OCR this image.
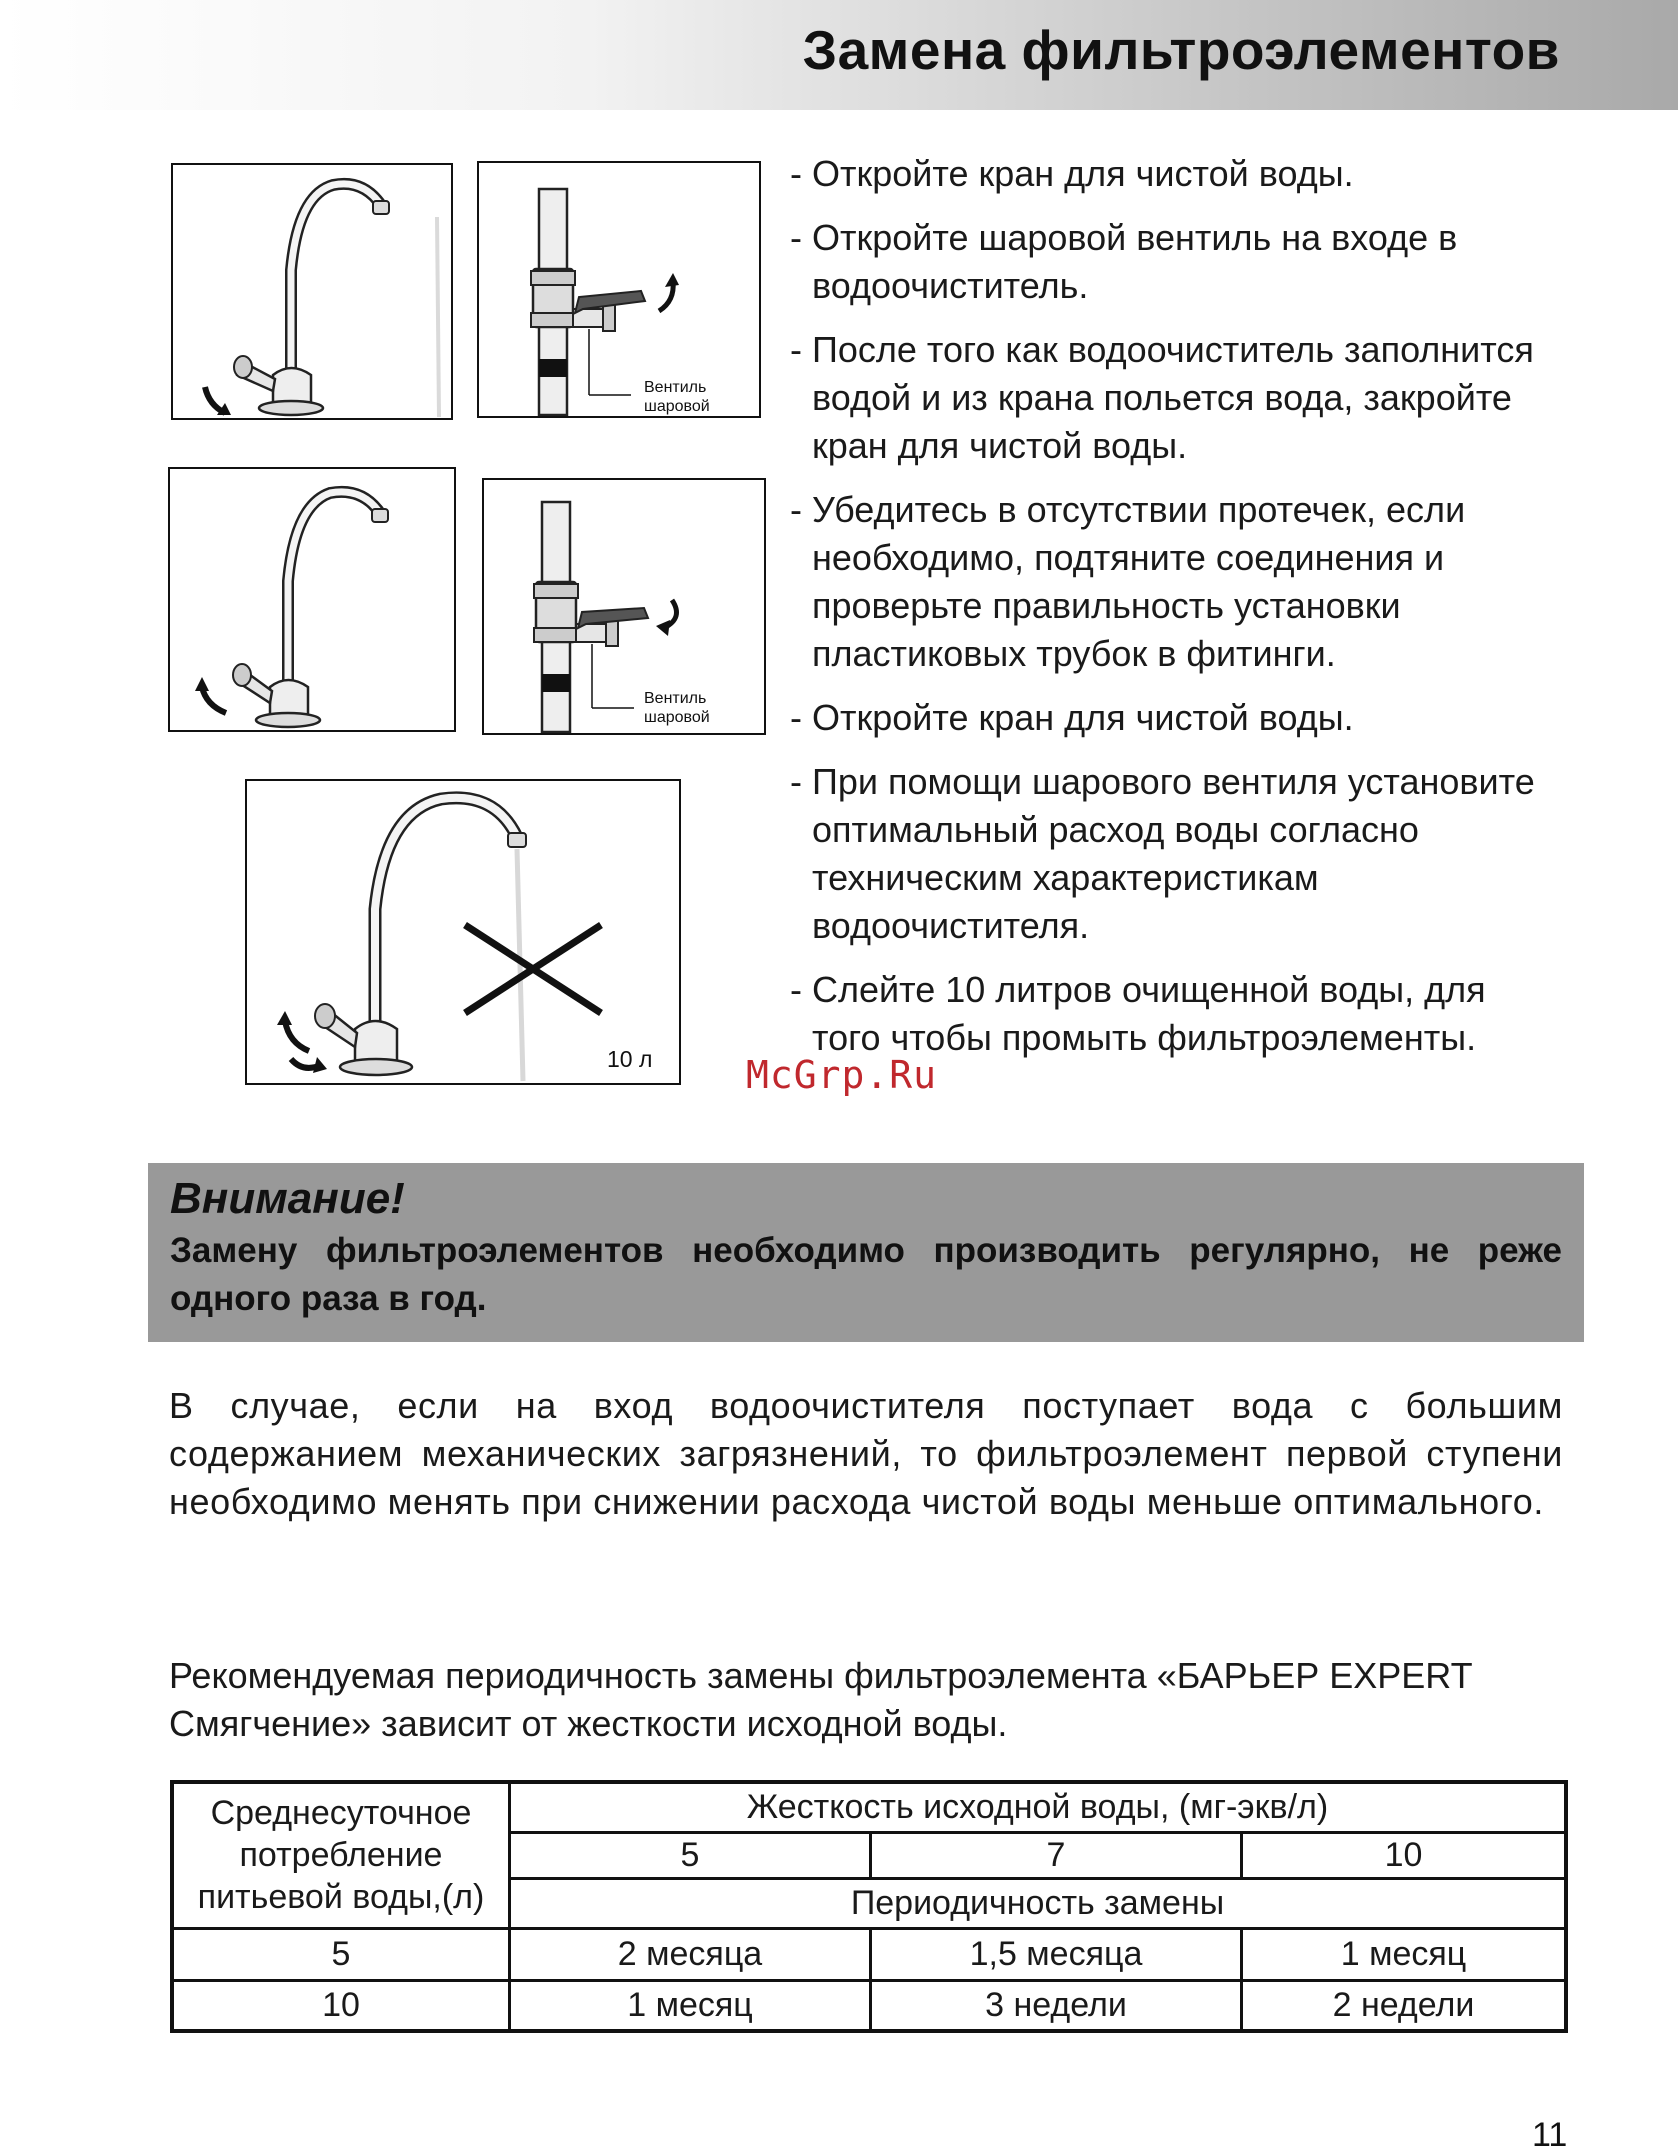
Замена фильтроэлементов
Вентиль
шаровой
Вентиль
шаровой
10 л
- Откройте кран для чистой воды.
- Откройте шаровой вентиль на входе в водоочиститель.
- После того как водоочиститель заполнится водой и из крана польется вода, закройте кран для чистой воды.
- Убедитесь в отсутствии протечек, если необходимо, подтяните соединения и проверьте правильность установки пластиковых трубок в фитинги.
- Откройте кран для чистой воды.
- При помощи шарового вентиля установите оптимальный расход воды согласно техническим характеристикам водоочистителя.
- Слейте 10 литров очищенной воды, для того чтобы промыть фильтроэлементы.
McGrp.Ru

Внимание!

Замену фильтроэлементов необходимо производить регулярно, не реже одного раза в год.

В случае, если на вход водоочистителя поступает вода с большим содержанием механических загрязнений, то фильтроэлемент первой ступени необходимо менять при снижении расхода чистой воды меньше оптимального.

Рекомендуемая периодичность замены фильтроэлемента «БАРЬЕР EXPERT Смягчение» зависит от жесткости исходной воды.

Среднесуточное потребление питьевой воды,(л)	Жесткость исходной воды, (мг-экв/л)		
	5	7	10
	Периодичность замены		
5	2 месяца	1,5 месяца	1 месяц
10	1 месяц	3 недели	2 недели
11
